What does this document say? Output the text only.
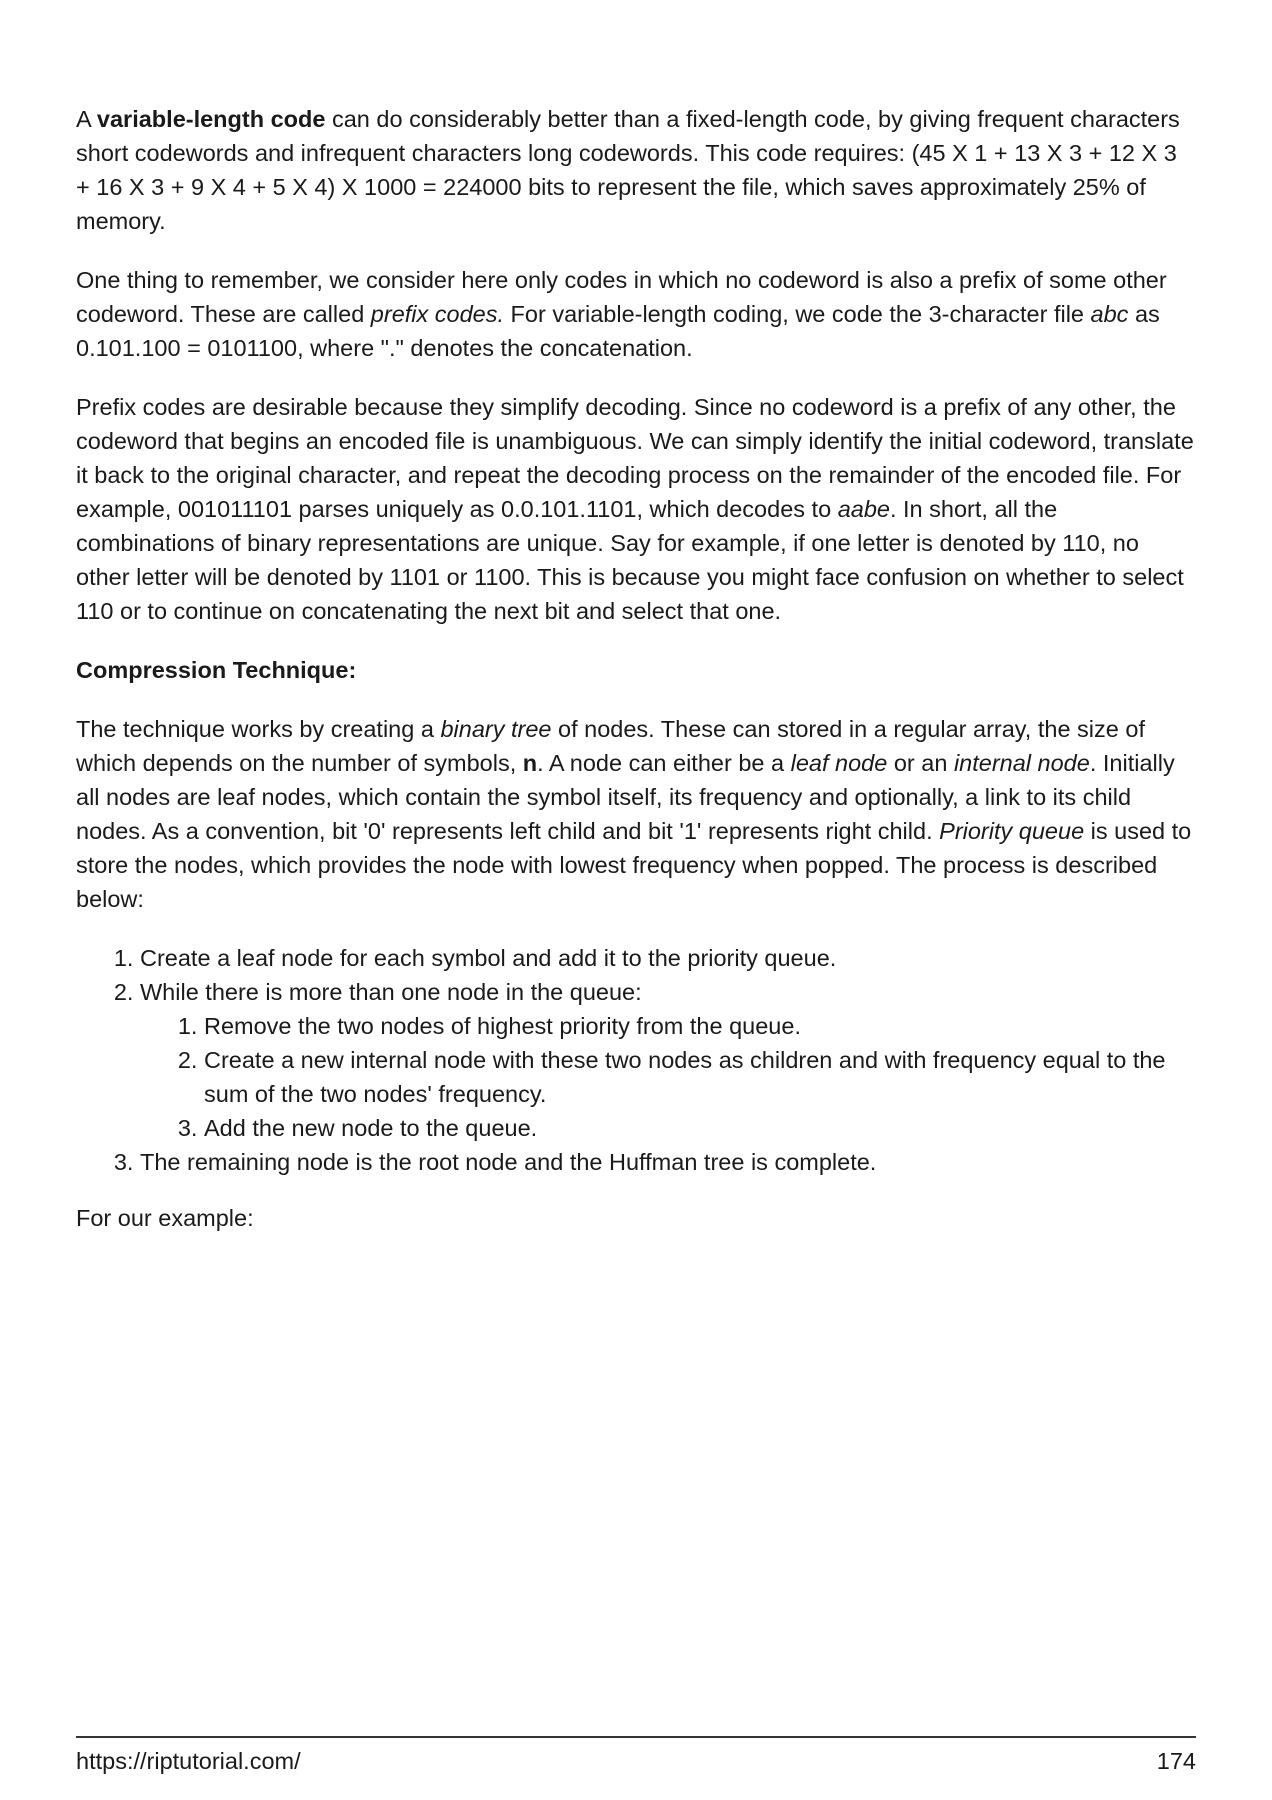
A variable-length code can do considerably better than a fixed-length code, by giving frequent characters short codewords and infrequent characters long codewords. This code requires: (45 X 1 + 13 X 3 + 12 X 3 + 16 X 3 + 9 X 4 + 5 X 4) X 1000 = 224000 bits to represent the file, which saves approximately 25% of memory.

One thing to remember, we consider here only codes in which no codeword is also a prefix of some other codeword. These are called prefix codes. For variable-length coding, we code the 3-character file abc as 0.101.100 = 0101100, where "." denotes the concatenation.

Prefix codes are desirable because they simplify decoding. Since no codeword is a prefix of any other, the codeword that begins an encoded file is unambiguous. We can simply identify the initial codeword, translate it back to the original character, and repeat the decoding process on the remainder of the encoded file. For example, 001011101 parses uniquely as 0.0.101.1101, which decodes to aabe. In short, all the combinations of binary representations are unique. Say for example, if one letter is denoted by 110, no other letter will be denoted by 1101 or 1100. This is because you might face confusion on whether to select 110 or to continue on concatenating the next bit and select that one.

Compression Technique:

The technique works by creating a binary tree of nodes. These can stored in a regular array, the size of which depends on the number of symbols, n. A node can either be a leaf node or an internal node. Initially all nodes are leaf nodes, which contain the symbol itself, its frequency and optionally, a link to its child nodes. As a convention, bit '0' represents left child and bit '1' represents right child. Priority queue is used to store the nodes, which provides the node with lowest frequency when popped. The process is described below:

1. Create a leaf node for each symbol and add it to the priority queue.
2. While there is more than one node in the queue:
1. Remove the two nodes of highest priority from the queue.
2. Create a new internal node with these two nodes as children and with frequency equal to the sum of the two nodes' frequency.
3. Add the new node to the queue.
3. The remaining node is the root node and the Huffman tree is complete.

For our example:

https://riptutorial.com/	174
